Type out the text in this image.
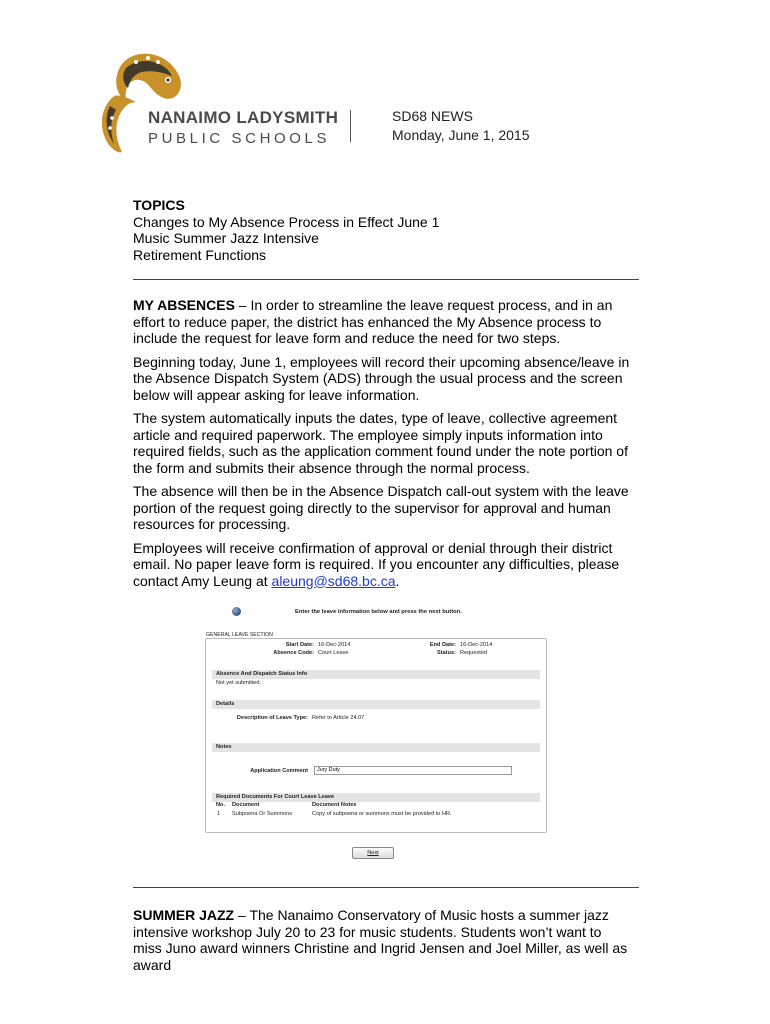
NANAIMO LADYSMITH
PUBLIC SCHOOLS
SD68 NEWS
Monday, June 1, 2015
TOPICS
Changes to My Absence Process in Effect June 1
Music Summer Jazz Intensive
Retirement Functions

MY ABSENCES – In order to streamline the leave request process, and in an effort to reduce paper, the district has enhanced the My Absence process to include the request for leave form and reduce the need for two steps.

Beginning today, June 1, employees will record their upcoming absence/leave in the Absence Dispatch System (ADS) through the usual process and the screen below will appear asking for leave information.

The system automatically inputs the dates, type of leave, collective agreement article and required paperwork. The employee simply inputs information into required fields, such as the application comment found under the note portion of the form and submits their absence through the normal process.

The absence will then be in the Absence Dispatch call-out system with the leave portion of the request going directly to the supervisor for approval and human resources for processing.

Employees will receive confirmation of approval or denial through their district email. No paper leave form is required. If you encounter any difficulties, please contact Amy Leung at aleung@sd68.bc.ca.

Enter the leave information below and press the next button.
GENERAL LEAVE SECTION
Start Date: 16-Dec-2014	End Date: 16-Dec-2014
Absence Code: Court Leave	Status: Requested
Absence And Dispatch Status Info
Not yet submitted.
Details
Description of Leave Type: Refer to Article 24.07
Notes
Application Comment
Jury Duty
Required Documents For Court Leave Leave
No. Document	Document Notes
1 Subpoena Or Summons	Copy of subpoena or summons must be provided to HR.
Next

SUMMER JAZZ – The Nanaimo Conservatory of Music hosts a summer jazz intensive workshop July 20 to 23 for music students. Students won’t want to miss Juno award winners Christine and Ingrid Jensen and Joel Miller, as well as award
